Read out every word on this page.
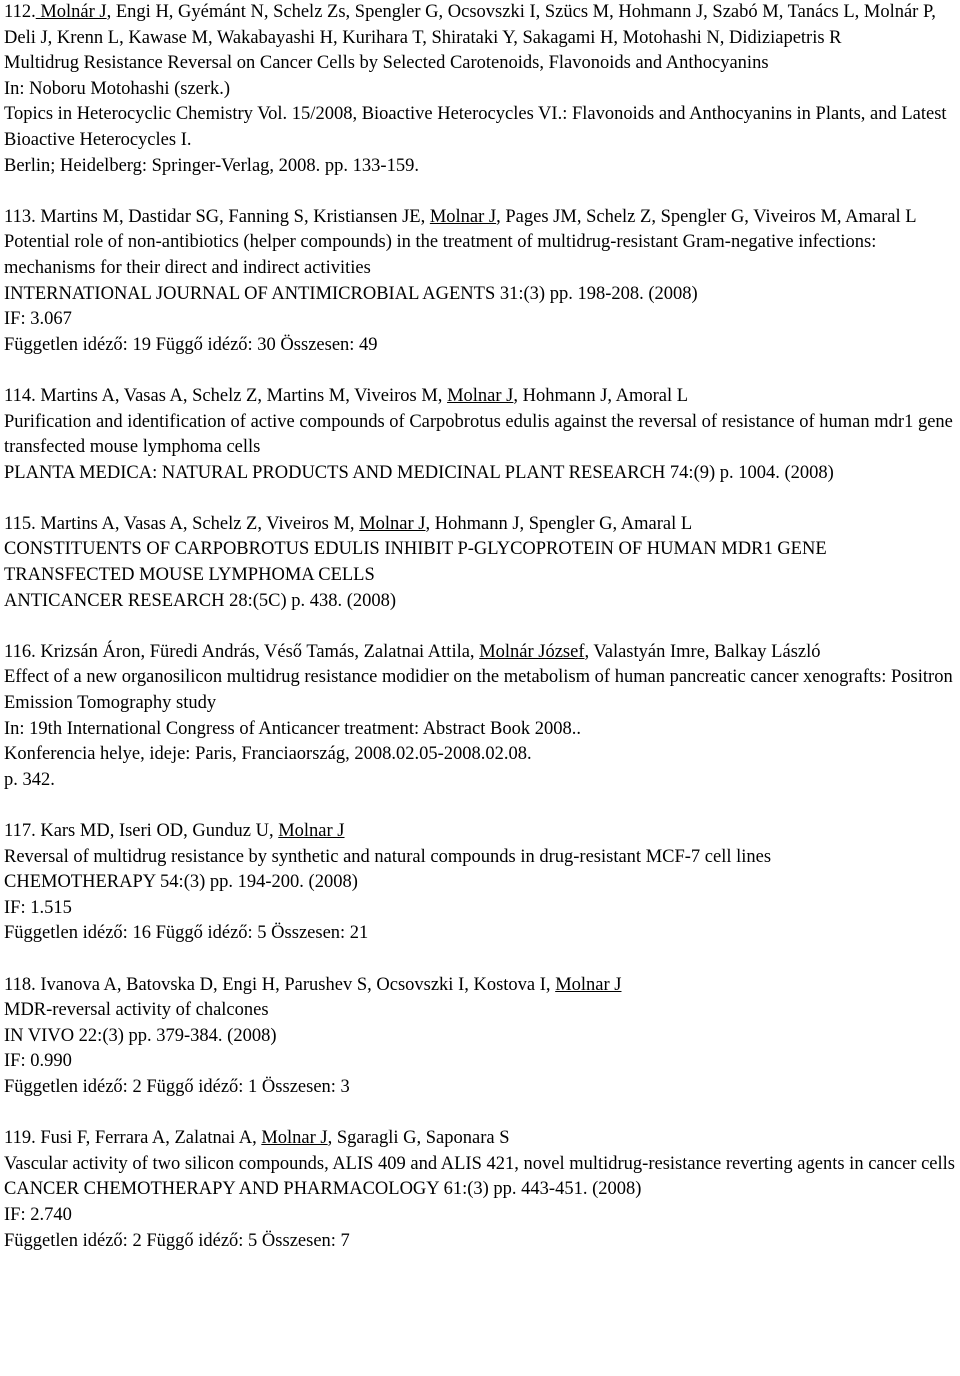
112. Molnár J, Engi H, Gyémánt N, Schelz Zs, Spengler G, Ocsovszki I, Szücs M, Hohmann J, Szabó M, Tanács L, Molnár P, Deli J, Krenn L, Kawase M, Wakabayashi H, Kurihara T, Shirataki Y, Sakagami H, Motohashi N, Didiziapetris R
Multidrug Resistance Reversal on Cancer Cells by Selected Carotenoids, Flavonoids and Anthocyanins
In: Noboru Motohashi (szerk.)
Topics in Heterocyclic Chemistry Vol. 15/2008, Bioactive Heterocycles VI.: Flavonoids and Anthocyanins in Plants, and Latest Bioactive Heterocycles I.
Berlin; Heidelberg: Springer-Verlag, 2008. pp. 133-159.
113. Martins M, Dastidar SG, Fanning S, Kristiansen JE, Molnar J, Pages JM, Schelz Z, Spengler G, Viveiros M, Amaral L
Potential role of non-antibiotics (helper compounds) in the treatment of multidrug-resistant Gram-negative infections: mechanisms for their direct and indirect activities
INTERNATIONAL JOURNAL OF ANTIMICROBIAL AGENTS 31:(3) pp. 198-208. (2008)
IF: 3.067
Független idéző: 19 Függő idéző: 30 Összesen: 49
114. Martins A, Vasas A, Schelz Z, Martins M, Viveiros M, Molnar J, Hohmann J, Amoral L
Purification and identification of active compounds of Carpobrotus edulis against the reversal of resistance of human mdr1 gene transfected mouse lymphoma cells
PLANTA MEDICA: NATURAL PRODUCTS AND MEDICINAL PLANT RESEARCH 74:(9) p. 1004. (2008)
115. Martins A, Vasas A, Schelz Z, Viveiros M, Molnar J, Hohmann J, Spengler G, Amaral L
CONSTITUENTS OF CARPOBROTUS EDULIS INHIBIT P-GLYCOPROTEIN OF HUMAN MDR1 GENE TRANSFECTED MOUSE LYMPHOMA CELLS
ANTICANCER RESEARCH 28:(5C) p. 438. (2008)
116. Krizsán Áron, Füredi András, Véső Tamás, Zalatnai Attila, Molnár József, Valastyán Imre, Balkay László
Effect of a new organosilicon multidrug resistance modidier on the metabolism of human pancreatic cancer xenografts: Positron Emission Tomography study
In: 19th International Congress of Anticancer treatment: Abstract Book 2008..
Konferencia helye, ideje: Paris, Franciaország, 2008.02.05-2008.02.08.
p. 342.
117. Kars MD, Iseri OD, Gunduz U, Molnar J
Reversal of multidrug resistance by synthetic and natural compounds in drug-resistant MCF-7 cell lines
CHEMOTHERAPY 54:(3) pp. 194-200. (2008)
IF: 1.515
Független idéző: 16 Függő idéző: 5 Összesen: 21
118. Ivanova A, Batovska D, Engi H, Parushev S, Ocsovszki I, Kostova I, Molnar J
MDR-reversal activity of chalcones
IN VIVO 22:(3) pp. 379-384. (2008)
IF: 0.990
Független idéző: 2 Függő idéző: 1 Összesen: 3
119. Fusi F, Ferrara A, Zalatnai A, Molnar J, Sgaragli G, Saponara S
Vascular activity of two silicon compounds, ALIS 409 and ALIS 421, novel multidrug-resistance reverting agents in cancer cells
CANCER CHEMOTHERAPY AND PHARMACOLOGY 61:(3) pp. 443-451. (2008)
IF: 2.740
Független idéző: 2 Függő idéző: 5 Összesen: 7
